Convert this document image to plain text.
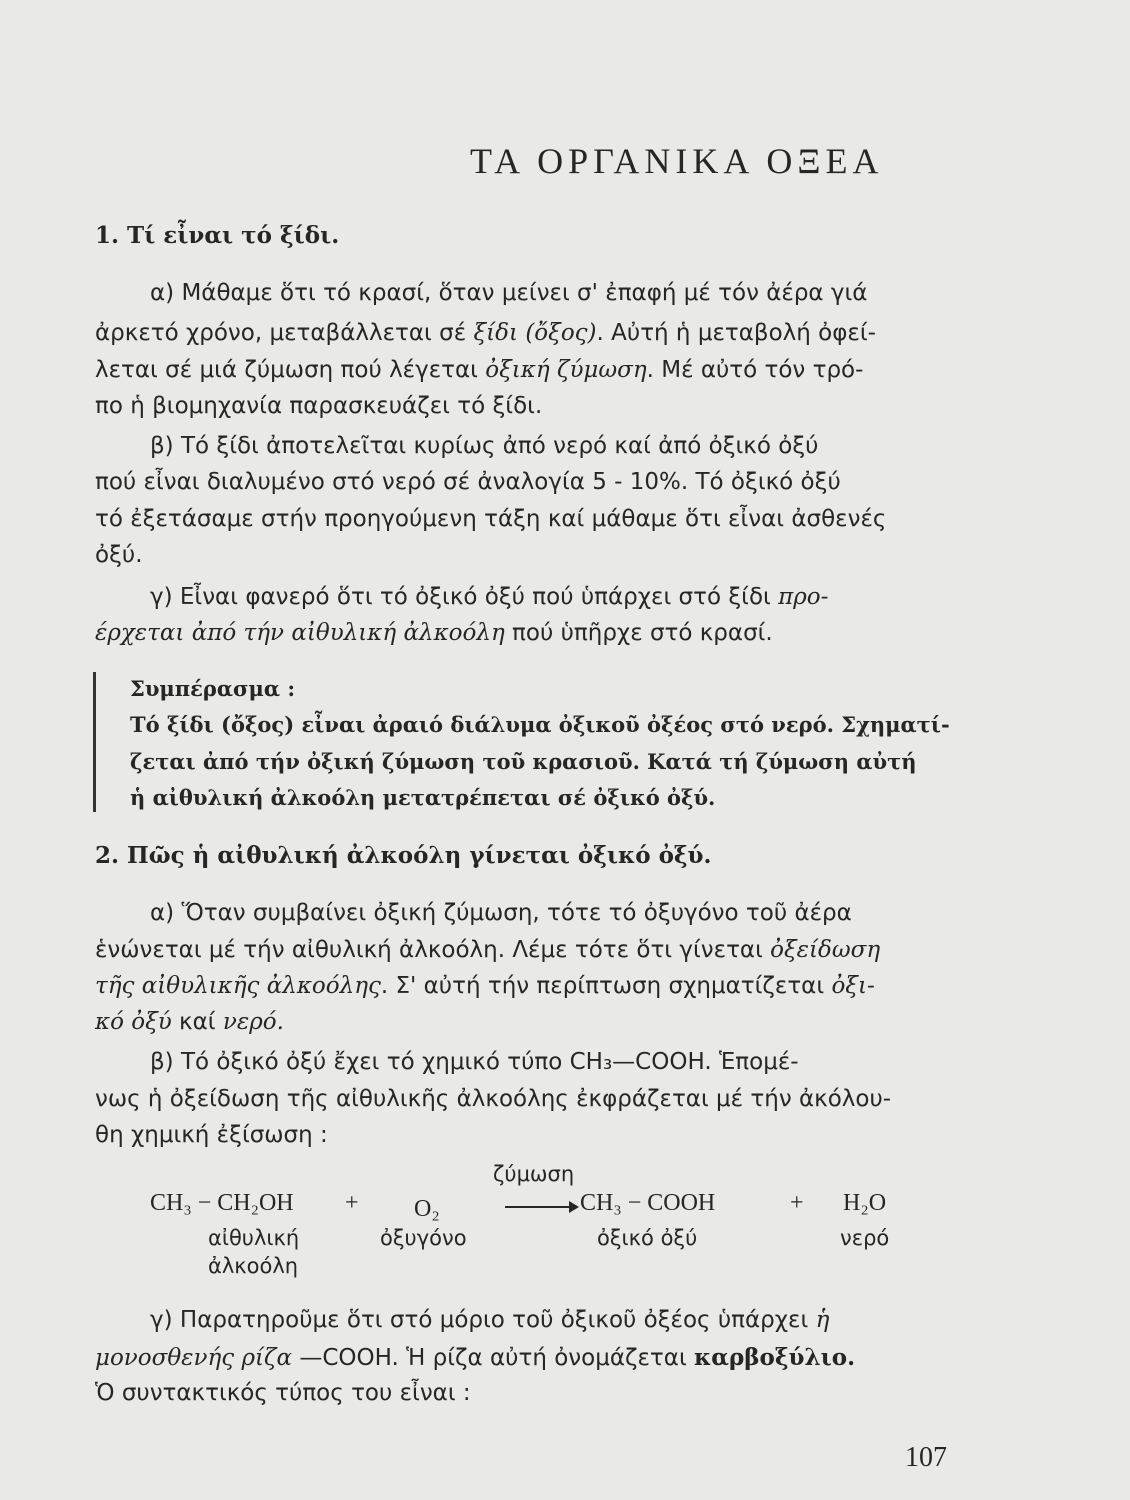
ΤΑ ΟΡΓΑΝΙΚΑ ΟΞΕΑ
1. Τί εἶναι τό ξίδι.
α) Μάθαμε ὅτι τό κρασί, ὅταν μείνει σ' ἐπαφή μέ τόν ἀέρα γιά
ἀρκετό χρόνο, μεταβάλλεται σέ ξίδι (ὄξος). Αὐτή ἡ μεταβολή ὀφεί-
λεται σέ μιά ζύμωση πού λέγεται ὀξική ζύμωση. Μέ αὐτό τόν τρό-
πο ἡ βιομηχανία παρασκευάζει τό ξίδι.
β) Τό ξίδι ἀποτελεῖται κυρίως ἀπό νερό καί ἀπό ὀξικό ὀξύ
πού εἶναι διαλυμένο στό νερό σέ ἀναλογία 5 - 10%. Τό ὀξικό ὀξύ
τό ἐξετάσαμε στήν προηγούμενη τάξη καί μάθαμε ὅτι εἶναι ἀσθενές
ὀξύ.
γ) Εἶναι φανερό ὅτι τό ὀξικό ὀξύ πού ὑπάρχει στό ξίδι προ-
έρχεται ἀπό τήν αἰθυλική ἀλκοόλη πού ὑπῆρχε στό κρασί.
Συμπέρασμα :
Τό ξίδι (ὄξος) εἶναι ἀραιό διάλυμα ὀξικοῦ ὀξέος στό νερό. Σχηματί-
ζεται ἀπό τήν ὀξική ζύμωση τοῦ κρασιοῦ. Κατά τή ζύμωση αὐτή
ἡ αἰθυλική ἀλκοόλη μετατρέπεται σέ ὀξικό ὀξύ.
2. Πῶς ἡ αἰθυλική ἀλκοόλη γίνεται ὀξικό ὀξύ.
α) Ὅταν συμβαίνει ὀξική ζύμωση, τότε τό ὀξυγόνο τοῦ ἀέρα
ἑνώνεται μέ τήν αἰθυλική ἀλκοόλη. Λέμε τότε ὅτι γίνεται ὀξείδωση
τῆς αἰθυλικῆς ἀλκοόλης. Σ' αὐτή τήν περίπτωση σχηματίζεται ὀξι-
κό ὀξύ καί νερό.
β) Τό ὀξικό ὀξύ ἔχει τό χημικό τύπο CH₃—COOH. Ἑπομέ-
νως ἡ ὀξείδωση τῆς αἰθυλικῆς ἀλκοόλης ἐκφράζεται μέ τήν ἀκόλου-
θη χημική ἐξίσωση :
ζύμωση
CH₃ − CH₂OH + O₂	CH₃ − COOH	+ H₂O
αἰθυλική
ἀλκοόλη
ὀξυγόνο	ὀξικό ὀξύ	νερό
γ) Παρατηροῦμε ὅτι στό μόριο τοῦ ὀξικοῦ ὀξέος ὑπάρχει ἡ
μονοσθενής ρίζα —COOH. Ἡ ρίζα αὐτή ὀνομάζεται καρβοξύλιο.
Ὁ συντακτικός τύπος του εἶναι :
107
